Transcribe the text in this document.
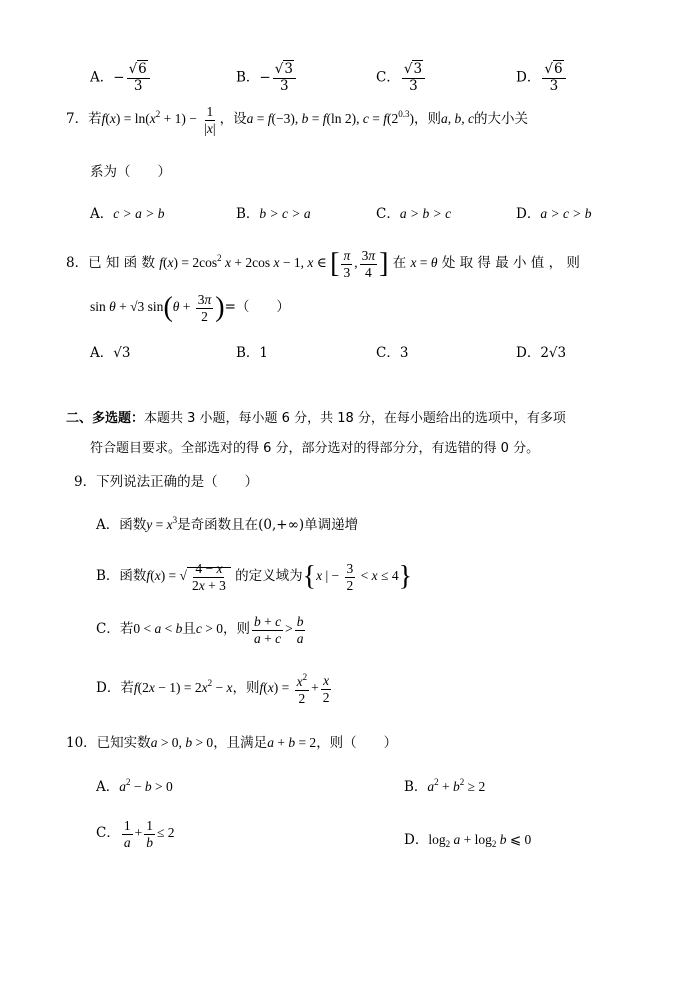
A．− $\frac{√6}{3}$	B．− $\frac{√3}{3}$	C． $\frac{√3}{3}$	D． $\frac{√6}{3}$
7．若$f(x) = \ln(x^2 + 1) - \frac{1}{|x|}$ ，设a = f(−3), b = f(ln 2), $c = f(2^{0.3})$，则a, b, c的大小关
系为（　　）
A．c > a > b	B．b > c > a	C．a > b > c	D．a > c > b
8．已 知 函 数 $f(x) = 2\cos^2$ x + 2cos x − 1, x ∈ [ $\frac{\pi}{3}$ , $\frac{3\pi}{4}$ ] 在 x = θ 处 取 得 最 小 值 ， 则
sin θ + √3 $\sin(\theta + \frac{3\pi}{2}$ )=（　　）
A．√3	B．1	C．3	D．2√3
二、多选题：本题共 3 小题，每小题 6 分，共 18 分，在每小题给出的选项中，有多项
符合题目要求。全部选对的得 6 分，部分选对的得部分分，有选错的得 0 分。
9．下列说法正确的是（　　）
A．函数$y = x^3$是奇函数且在(0,+∞)单调递增
B．函数f(x) = √ $\frac{4 - x}{2x + 3}$ 的定义域为{x | − $\frac{3}{2} < x \le 4$}
C．若0 < a < b且c > 0，则 $\frac{b + c}{a + c} > \frac{b}{a}$
D．若$f(2x - 1) = 2x^2 - x$，则$f(x) = \frac{x^2}{2} + \frac{x}{2}$
10．已知实数a > 0, b > 0，且满足a + b = 2，则（　　）
A．$a^2 - b > 0$	B．$a^2 + b^2 \ge 2$
C． $\frac{1}{a} + \frac{1}{b} \le 2$	D．$\log_2 a + \log_2 b$ ⩽ 0
